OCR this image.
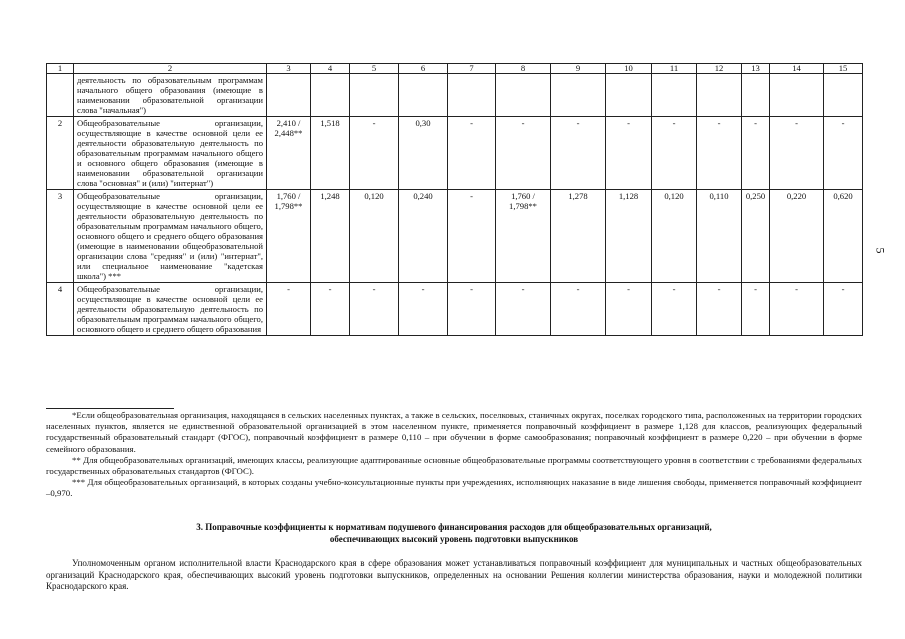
1	2	3	4	5	6	7	8	9	10	11	12	13	14	15
	деятельность по образовательным программам начального общего образования (имеющие в наименовании образовательной организации слова "начальная")													
2	Общеобразовательные организации, осуществляющие в качестве основной цели ее деятельности образовательную деятельность по образовательным программам начального общего и основного общего образования (имеющие в наименовании образовательной организации слова "основная" и (или) "интернат")	2,410 / 2,448**	1,518	-	0,30	-	-	-	-	-	-	-	-	-
3	Общеобразовательные организации, осуществляющие в качестве основной цели ее деятельности образовательную деятельность по образовательным программам начального общего, основного общего и среднего общего образования (имеющие в наименовании общеобразовательной организации слова "средняя" и (или) "интернат", или специальное наименование "кадетская школа") ***	1,760 / 1,798**	1,248	0,120	0,240	-	1,760 / 1,798**	1,278	1,128	0,120	0,110	0,250	0,220	0,620
4	Общеобразовательные организации, осуществляющие в качестве основной цели ее деятельности образовательную деятельность по образовательным программам начального общего, основного общего и среднего общего образования	-	-	-	-	-	-	-	-	-	-	-	-	-
5

*Если общеобразовательная организация, находящаяся в сельских населенных пунктах, а также в сельских, поселковых, станичных округах, поселках городского типа, расположенных на территории городских населенных пунктов, является не единственной образовательной организацией в этом населенном пункте, применяется поправочный коэффициент в размере 1,128 для классов, реализующих федеральный государственный образовательный стандарт (ФГОС), поправочный коэффициент в размере 0,110 – при обучении в форме самообразования; поправочный коэффициент в размере 0,220 – при обучении в форме семейного образования.

** Для общеобразовательных организаций, имеющих классы, реализующие адаптированные основные общеобразовательные программы соответствующего уровня в соответствии с требованиями федеральных государственных образовательных стандартов (ФГОС).

*** Для общеобразовательных организаций, в которых созданы учебно-консультационные пункты при учреждениях, исполняющих наказание в виде лишения свободы, применяется поправочный коэффициент –0,970.

3. Поправочные коэффициенты к нормативам подушевого финансирования расходов для общеобразовательных организаций,
обеспечивающих высокий уровень подготовки выпускников

Уполномоченным органом исполнительной власти Краснодарского края в сфере образования может устанавливаться поправочный коэффициент для муниципальных и частных общеобразовательных организаций Краснодарского края, обеспечивающих высокий уровень подготовки выпускников, определенных на основании Решения коллегии министерства образования, науки и молодежной политики Краснодарского края.
